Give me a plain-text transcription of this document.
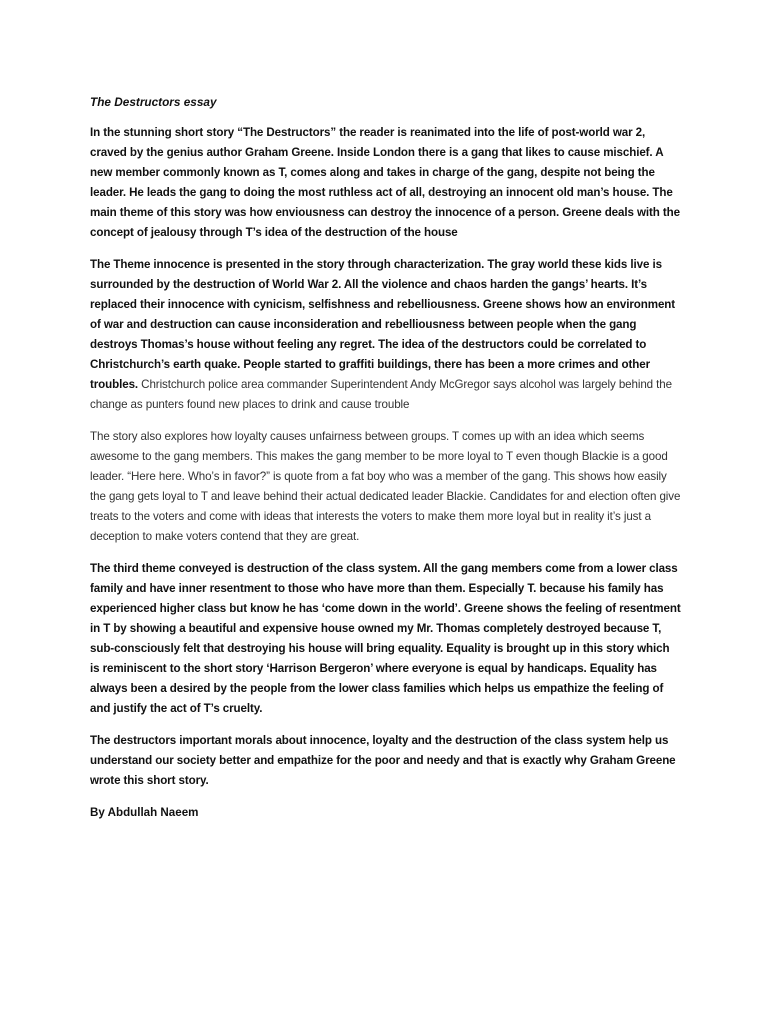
The Destructors essay

In the stunning short story “The Destructors” the reader is reanimated into the life of post-world war 2, craved by the genius author Graham Greene. Inside London there is a gang that likes to cause mischief. A new member commonly known as T, comes along and takes in charge of the gang, despite not being the leader. He leads the gang to doing the most ruthless act of all, destroying an innocent old man’s house. The main theme of this story was how enviousness can destroy the innocence of a person. Greene deals with the concept of jealousy through T’s idea of the destruction of the house

The Theme innocence is presented in the story through characterization. The gray world these kids live is surrounded by the destruction of World War 2. All the violence and chaos harden the gangs’ hearts. It’s replaced their innocence with cynicism, selfishness and rebelliousness. Greene shows how an environment of war and destruction can cause inconsideration and rebelliousness between people when the gang destroys Thomas’s house without feeling any regret. The idea of the destructors could be correlated to Christchurch’s earth quake. People started to graffiti buildings, there has been a more crimes and other troubles. Christchurch police area commander Superintendent Andy McGregor says alcohol was largely behind the change as punters found new places to drink and cause trouble

The story also explores how loyalty causes unfairness between groups. T comes up with an idea which seems awesome to the gang members. This makes the gang member to be more loyal to T even though Blackie is a good leader. “Here here. Who’s in favor?” is quote from a fat boy who was a member of the gang. This shows how easily the gang gets loyal to T and leave behind their actual dedicated leader Blackie. Candidates for and election often give treats to the voters and come with ideas that interests the voters to make them more loyal but in reality it’s just a deception to make voters contend that they are great.

The third theme conveyed is destruction of the class system. All the gang members come from a lower class family and have inner resentment to those who have more than them. Especially T. because his family has experienced higher class but know he has ‘come down in the world’. Greene shows the feeling of resentment in T by showing a beautiful and expensive house owned my Mr. Thomas completely destroyed because T, sub-consciously felt that destroying his house will bring equality. Equality is brought up in this story which is reminiscent to the short story ‘Harrison Bergeron’ where everyone is equal by handicaps. Equality has always been a desired by the people from the lower class families which helps us empathize the feeling of and justify the act of T’s cruelty.

The destructors important morals about innocence, loyalty and the destruction of the class system help us understand our society better and empathize for the poor and needy and that is exactly why Graham Greene wrote this short story.

By Abdullah Naeem
